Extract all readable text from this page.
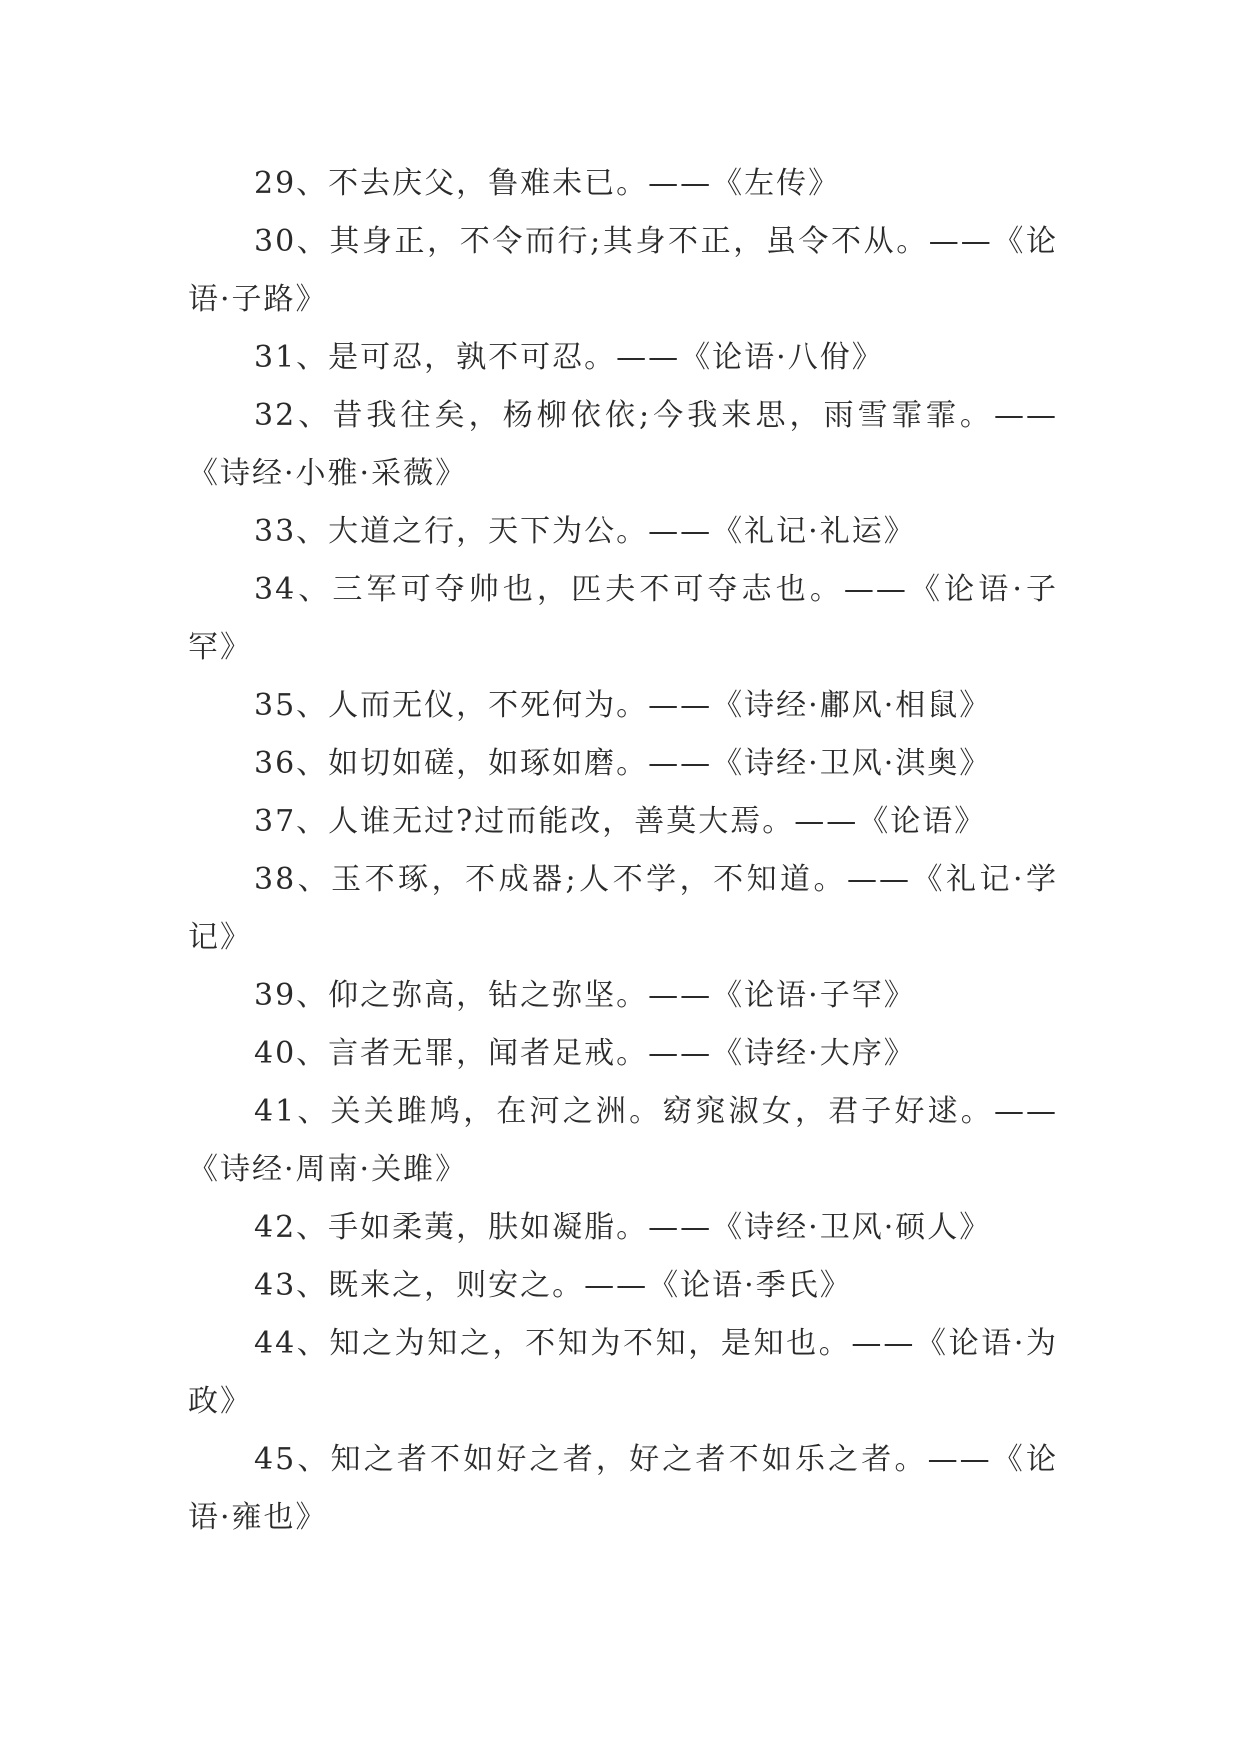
29、不去庆父，鲁难未已。——《左传》

30、其身正，不令而行;其身不正，虽令不从。——《论语·子路》

31、是可忍，孰不可忍。——《论语·八佾》

32、昔我往矣，杨柳依依;今我来思，雨雪霏霏。——《诗经·小雅·采薇》

33、大道之行，天下为公。——《礼记·礼运》

34、三军可夺帅也，匹夫不可夺志也。——《论语·子罕》

35、人而无仪，不死何为。——《诗经·鄘风·相鼠》

36、如切如磋，如琢如磨。——《诗经·卫风·淇奥》

37、人谁无过?过而能改，善莫大焉。——《论语》

38、玉不琢，不成器;人不学，不知道。——《礼记·学记》

39、仰之弥高，钻之弥坚。——《论语·子罕》

40、言者无罪，闻者足戒。——《诗经·大序》

41、关关雎鸠，在河之洲。窈窕淑女，君子好逑。——《诗经·周南·关雎》

42、手如柔荑，肤如凝脂。——《诗经·卫风·硕人》

43、既来之，则安之。——《论语·季氏》

44、知之为知之，不知为不知，是知也。——《论语·为政》

45、知之者不如好之者，好之者不如乐之者。——《论语·雍也》
